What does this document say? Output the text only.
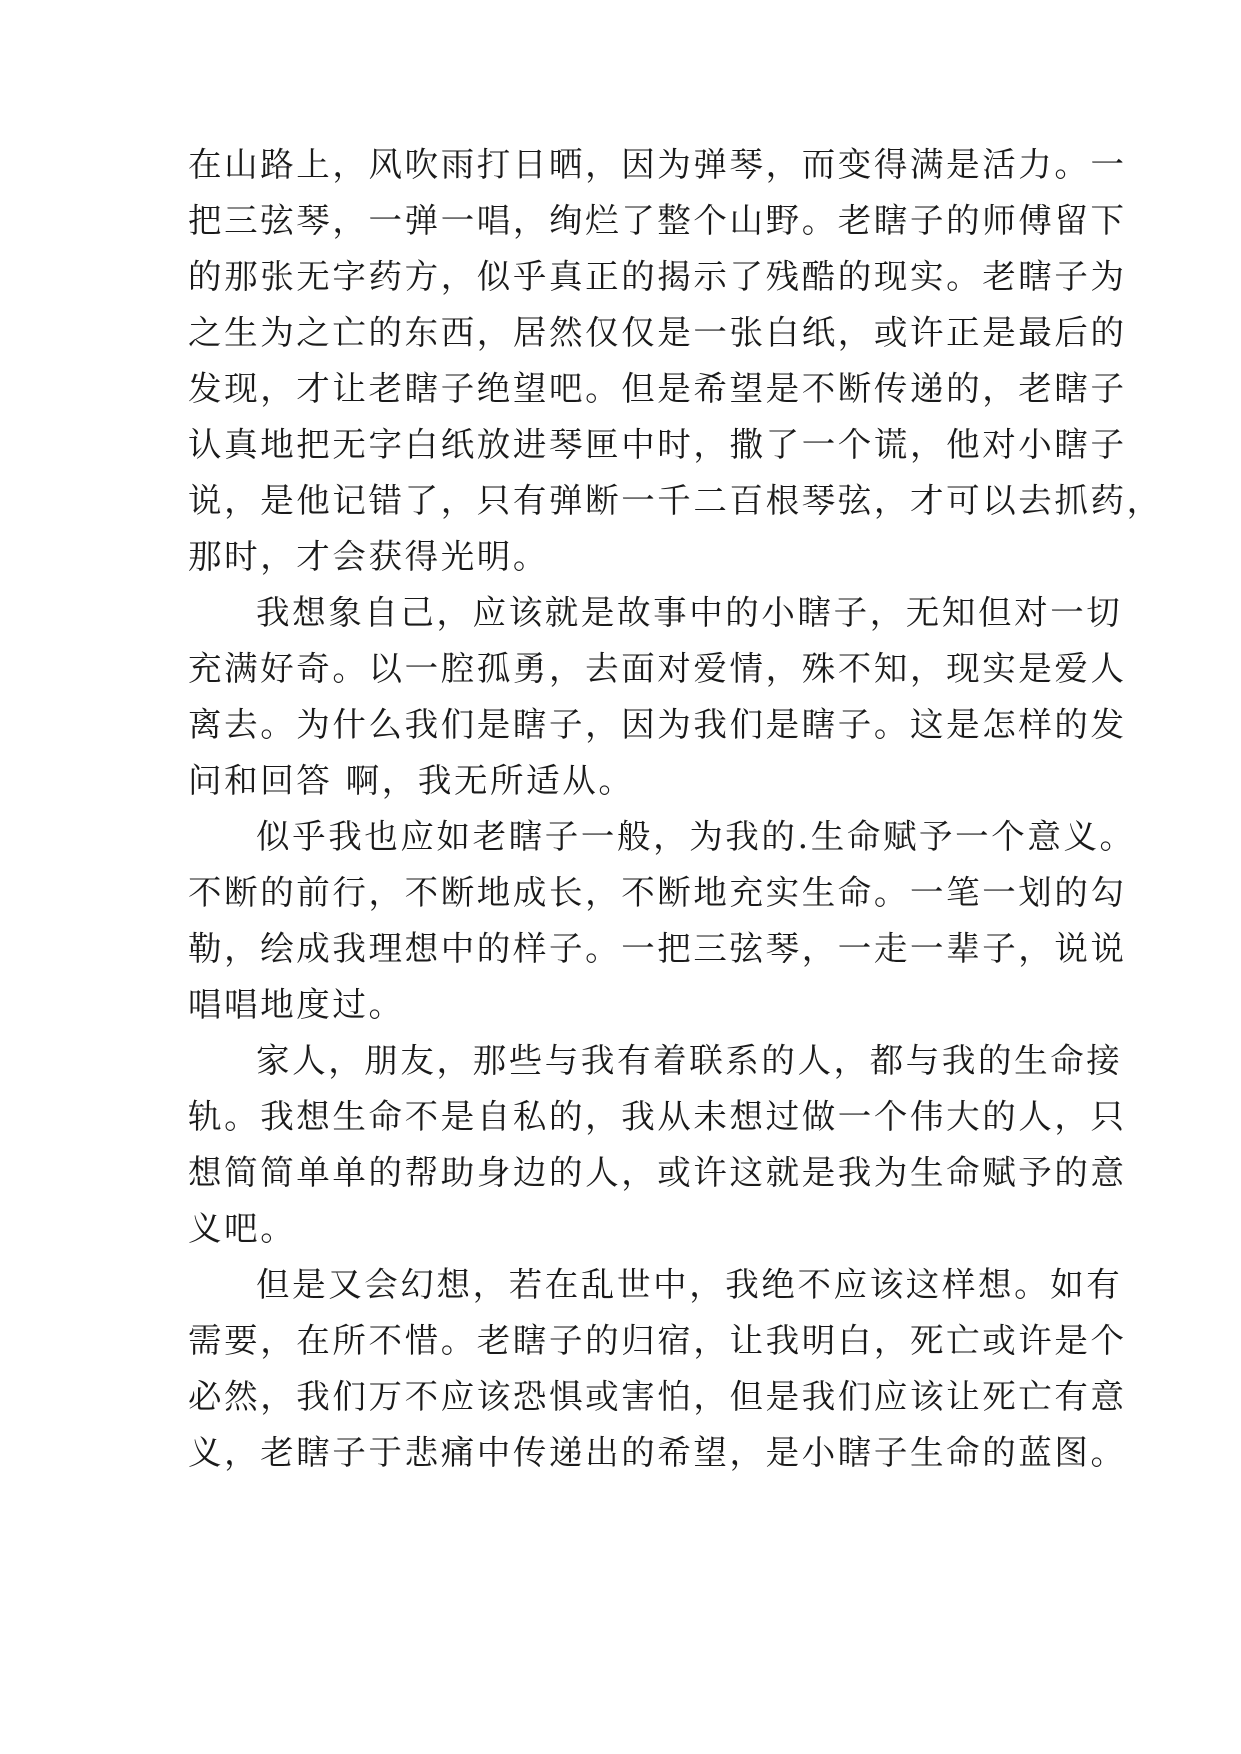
在山路上，风吹雨打日晒，因为弹琴，而变得满是活力。一
把三弦琴，一弹一唱，绚烂了整个山野。老瞎子的师傅留下
的那张无字药方，似乎真正的揭示了残酷的现实。老瞎子为
之生为之亡的东西，居然仅仅是一张白纸，或许正是最后的
发现，才让老瞎子绝望吧。但是希望是不断传递的，老瞎子
认真地把无字白纸放进琴匣中时，撒了一个谎，他对小瞎子
说，是他记错了，只有弹断一千二百根琴弦，才可以去抓药，
那时，才会获得光明。
我想象自己，应该就是故事中的小瞎子，无知但对一切
充满好奇。以一腔孤勇，去面对爱情，殊不知，现实是爱人
离去。为什么我们是瞎子，因为我们是瞎子。这是怎样的发
问和回答 啊，我无所适从。
似乎我也应如老瞎子一般，为我的.生命赋予一个意义。
不断的前行，不断地成长，不断地充实生命。一笔一划的勾
勒，绘成我理想中的样子。一把三弦琴，一走一辈子，说说
唱唱地度过。
家人，朋友，那些与我有着联系的人，都与我的生命接
轨。我想生命不是自私的，我从未想过做一个伟大的人，只
想简简单单的帮助身边的人，或许这就是我为生命赋予的意
义吧。
但是又会幻想，若在乱世中，我绝不应该这样想。如有
需要，在所不惜。老瞎子的归宿，让我明白，死亡或许是个
必然，我们万不应该恐惧或害怕，但是我们应该让死亡有意
义，老瞎子于悲痛中传递出的希望，是小瞎子生命的蓝图。
